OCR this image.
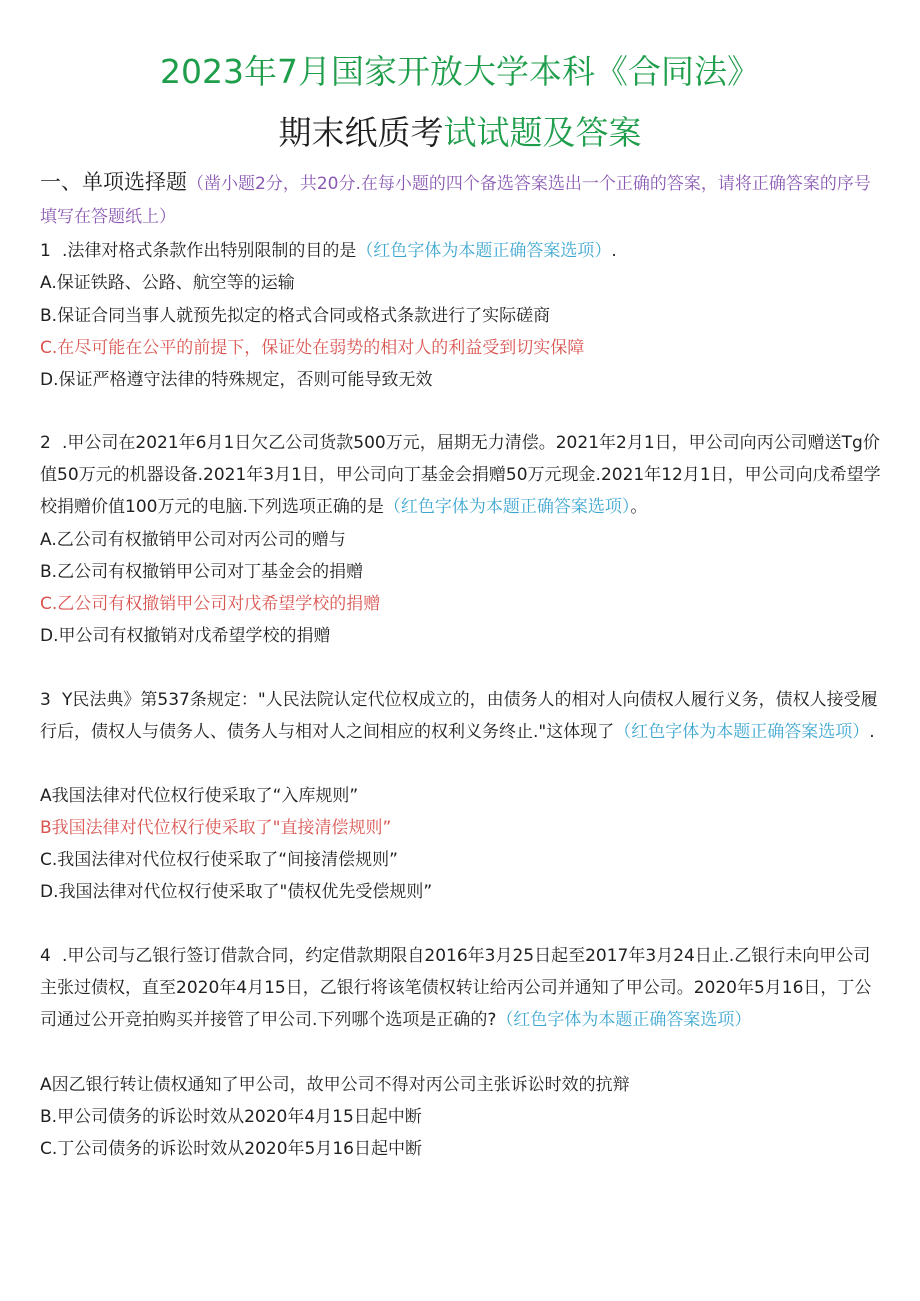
2023年7月国家开放大学本科《合同法》
期末纸质考试试题及答案
一、单项选择题（凿小题2分，共20分.在每小题的四个备选答案选出一个正确的答案，请将正确答案的序号填写在答题纸上）
1 .法律对格式条款作出特别限制的目的是（红色字体为本题正确答案选项）.
A.保证铁路、公路、航空等的运输
B.保证合同当事人就预先拟定的格式合同或格式条款进行了实际磋商
C.在尽可能在公平的前提下，保证处在弱势的相对人的利益受到切实保障
D.保证严格遵守法律的特殊规定，否则可能导致无效
2 .甲公司在2021年6月1日欠乙公司货款500万元，届期无力清偿。2021年2月1日，甲公司向丙公司赠送Tg价值50万元的机器设备.2021年3月1日，甲公司向丁基金会捐赠50万元现金.2021年12月1日，甲公司向戊希望学校捐赠价值100万元的电脑.下列选项正确的是（红色字体为本题正确答案选项）。
A.乙公司有权撤销甲公司对丙公司的赠与
B.乙公司有权撤销甲公司对丁基金会的捐赠
C.乙公司有权撤销甲公司对戊希望学校的捐赠
D.甲公司有权撤销对戊希望学校的捐赠
3 Y民法典》第537条规定："人民法院认定代位权成立的，由债务人的相对人向债权人履行义务，债权人接受履行后，债权人与债务人、债务人与相对人之间相应的权利义务终止."这体现了（红色字体为本题正确答案选项）.
A我国法律对代位权行使采取了“入库规则”
B我国法律对代位权行使采取了"直接清偿规则”
C.我国法律对代位权行使采取了“间接清偿规则”
D.我国法律对代位权行使采取了"债权优先受偿规则”
4 .甲公司与乙银行签订借款合同，约定借款期限自2016年3月25日起至2017年3月24日止.乙银行未向甲公司主张过债权，直至2020年4月15日，乙银行将该笔债权转让给丙公司并通知了甲公司。2020年5月16日，丁公司通过公开竞拍购买并接管了甲公司.下列哪个选项是正确的?（红色字体为本题正确答案选项）
A因乙银行转让债权通知了甲公司，故甲公司不得对丙公司主张诉讼时效的抗辩
B.甲公司债务的诉讼时效从2020年4月15日起中断
C.丁公司债务的诉讼时效从2020年5月16日起中断
